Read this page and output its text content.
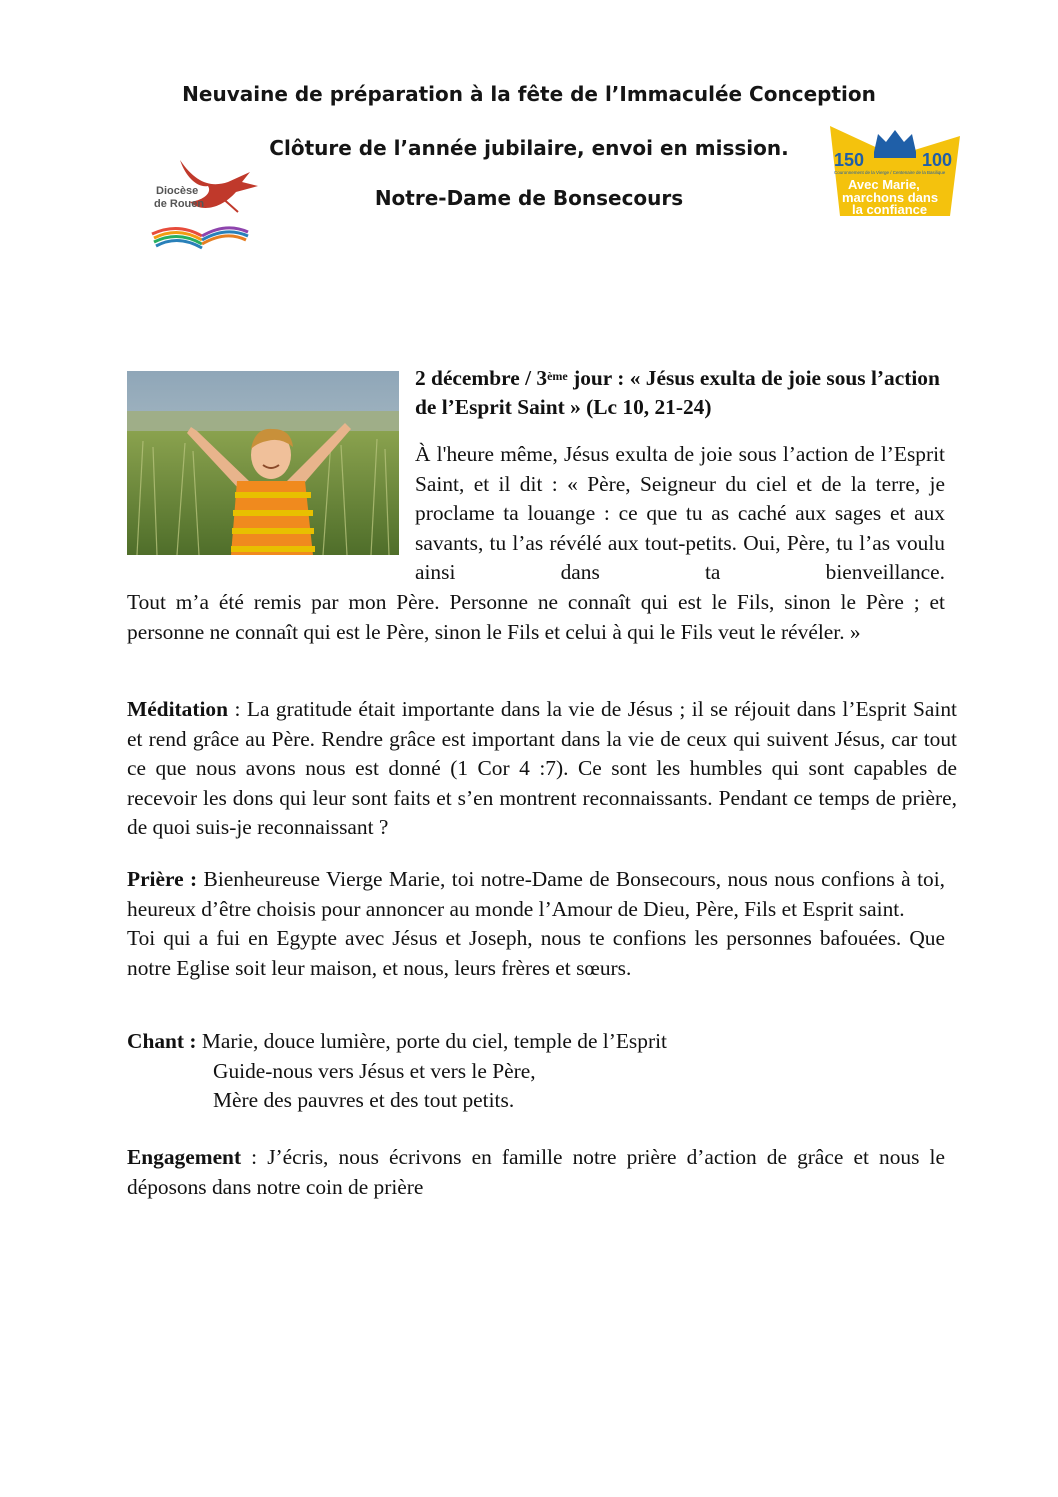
Neuvaine de préparation à la fête de l’Immaculée Conception
Clôture de l’année jubilaire, envoi en mission.
Notre-Dame de Bonsecours
Diocèse
de Rouen
150	100
Couronnement de la Vierge / Centenaire de la Basilique
Avec Marie,
marchons dans
la confiance
2 décembre / 3ème jour : « Jésus exulta de joie sous l’action de l’Esprit Saint » (Lc 10, 21-24)
À l'heure même, Jésus exulta de joie sous l’action de l’Esprit Saint, et il dit : « Père, Seigneur du ciel et de la terre, je proclame ta louange : ce que tu as caché aux sages et aux savants, tu l’as révélé aux tout-petits. Oui, Père, tu l’as voulu ainsi dans ta bienveillance.
Tout m’a été remis par mon Père. Personne ne connaît qui est le Fils, sinon le Père ; et personne ne connaît qui est le Père, sinon le Fils et celui à qui le Fils veut le révéler. »
Méditation : La gratitude était importante dans la vie de Jésus ; il se réjouit dans l’Esprit Saint et rend grâce au Père. Rendre grâce est important dans la vie de ceux qui suivent Jésus, car tout ce que nous avons nous est donné (1 Cor 4 :7). Ce sont les humbles qui sont capables de recevoir les dons qui leur sont faits et s’en montrent reconnaissants. Pendant ce temps de prière, de quoi suis-je reconnaissant ?
Prière : Bienheureuse Vierge Marie, toi notre-Dame de Bonsecours, nous nous confions à toi, heureux d’être choisis pour annoncer au monde l’Amour de Dieu, Père, Fils et Esprit saint.
Toi qui a fui en Egypte avec Jésus et Joseph, nous te confions les personnes bafouées. Que notre Eglise soit leur maison, et nous, leurs frères et sœurs.
Chant : Marie, douce lumière, porte du ciel, temple de l’Esprit
Guide-nous vers Jésus et vers le Père,
Mère des pauvres et des tout petits.
Engagement : J’écris, nous écrivons en famille notre prière d’action de grâce et nous le déposons dans notre coin de prière
